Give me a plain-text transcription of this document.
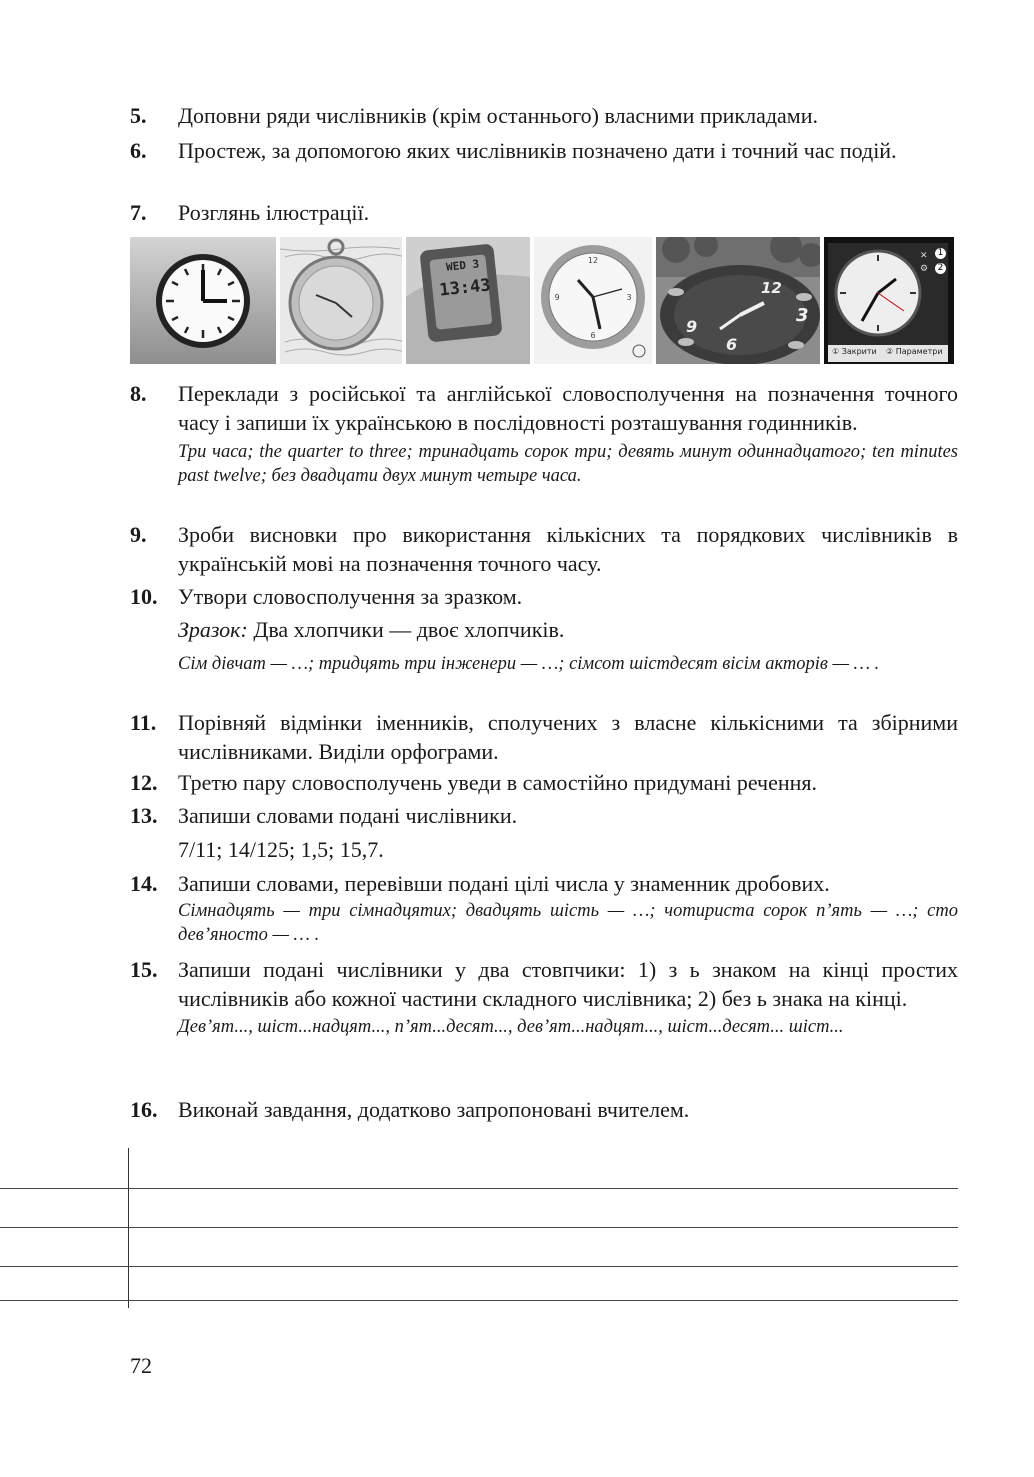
5. Доповни ряди числівників (крім останнього) власними прикладами.
6. Простеж, за допомогою яких числівників позначено дати і точний час подій.
7. Розглянь ілюстрації.
WED 3
13:43
12
3
6
9
12
3
6
9
1
2
✕
⚙
① Закрити ② Параметри
8. Переклади з російської та англійської словосполучення на позначення точного часу і запиши їх українською в послідовності розташування годинників.
Три часа; the quarter to three; тринадцать сорок три; девять минут одиннадцатого; ten minutes past twelve; без двадцати двух минут четыре часа.
9. Зроби висновки про використання кількісних та порядкових числівників в українській мові на позначення точного часу.
10. Утвори словосполучення за зразком.
Зразок: Два хлопчики — двоє хлопчиків.
Сім дівчат — …; тридцять три інженери — …; сімсот шістдесят вісім акторів — … .
11. Порівняй відмінки іменників, сполучених з власне кількісними та збірними числівниками. Виділи орфограми.
12. Третю пару словосполучень уведи в самостійно придумані речення.
13. Запиши словами подані числівники.
7/11; 14/125; 1,5; 15,7.
14. Запиши словами, перевівши подані цілі числа у знаменник дробових.
Сімнадцять — три сімнадцятих; двадцять шість — …; чотириста сорок п’ять — …; сто дев’яносто — … .
15. Запиши подані числівники у два стовпчики: 1) з ь знаком на кінці простих числівників або кожної частини складного числівника; 2) без ь знака на кінці.
Дев’ят..., шіст...надцят..., п’ят...десят..., дев’ят...надцят..., шіст...десят... шіст...
16. Виконай завдання, додатково запропоновані вчителем.
72
